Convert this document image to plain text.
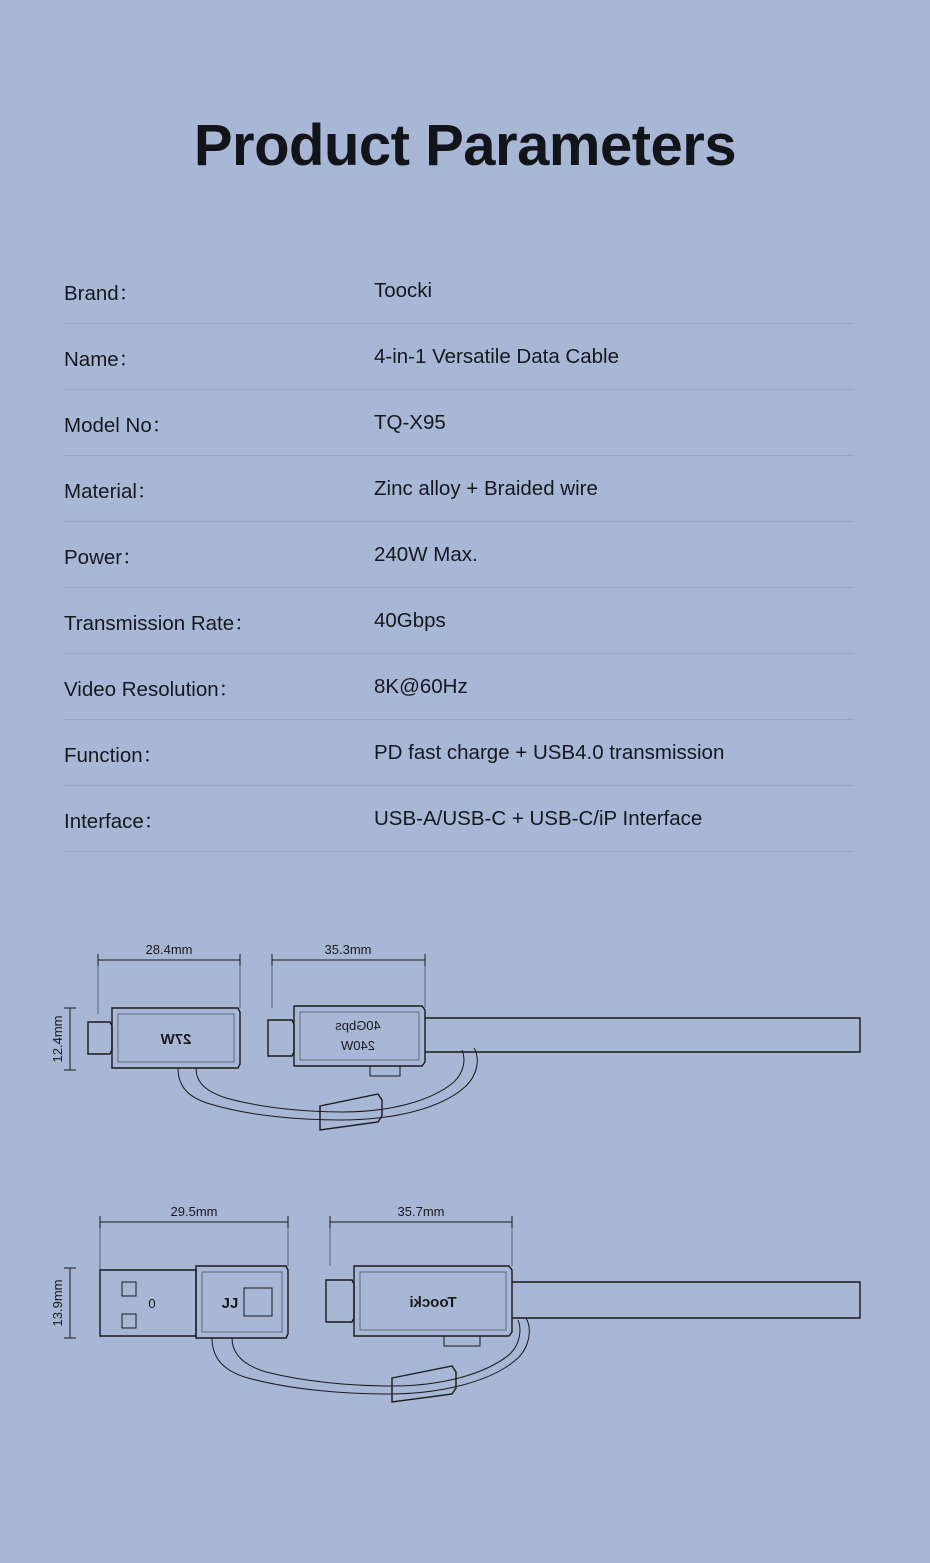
Product Parameters
Brand：	Toocki
Name：	4-in-1 Versatile Data Cable
Model No：	TQ-X95
Material：	Zinc alloy + Braided wire
Power：	240W Max.
Transmission Rate：	40Gbps
Video Resolution：	8K@60Hz
Function：	PD fast charge + USB4.0 transmission
Interface：	USB-A/USB-C + USB-C/iP Interface
28.4mm	35.3mm
12.4mm	27W
40Gbps
240W
29.5mm	35.7mm
13.9mm	0	JJ	Toocki
